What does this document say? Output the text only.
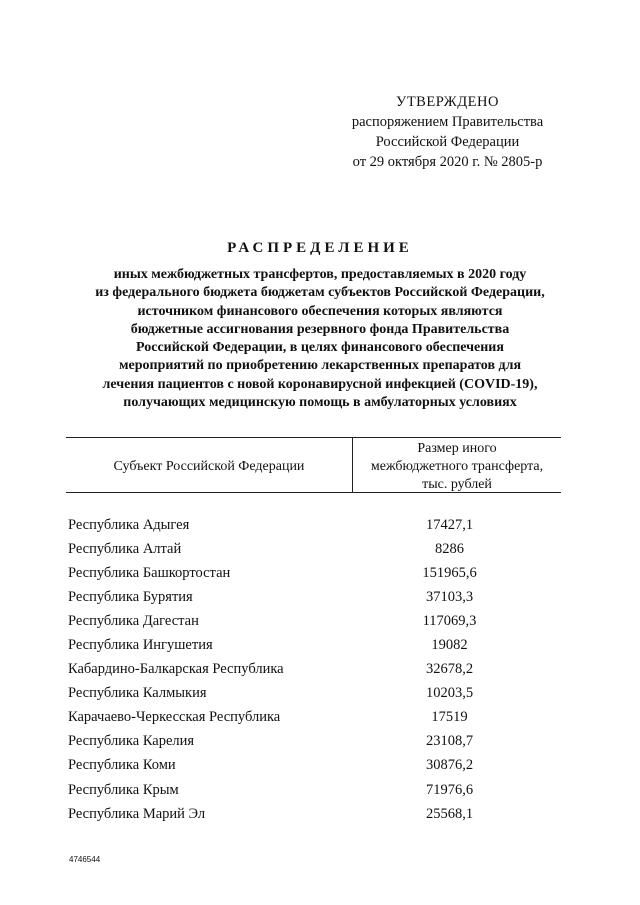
УТВЕРЖДЕНО
распоряжением Правительства
Российской Федерации
от 29 октября 2020 г. № 2805-р
РАСПРЕДЕЛЕНИЕ
иных межбюджетных трансфертов, предоставляемых в 2020 году
из федерального бюджета бюджетам субъектов Российской Федерации,
источником финансового обеспечения которых являются
бюджетные ассигнования резервного фонда Правительства
Российской Федерации, в целях финансового обеспечения
мероприятий по приобретению лекарственных препаратов для
лечения пациентов с новой коронавирусной инфекцией (COVID-19),
получающих медицинскую помощь в амбулаторных условиях
Субъект Российской Федерации
Размер иного
межбюджетного трансферта,
тыс. рублей
Республика Адыгея	17427,1
Республика Алтай	8286
Республика Башкортостан	151965,6
Республика Бурятия	37103,3
Республика Дагестан	117069,3
Республика Ингушетия	19082
Кабардино-Балкарская Республика	32678,2
Республика Калмыкия	10203,5
Карачаево-Черкесская Республика	17519
Республика Карелия	23108,7
Республика Коми	30876,2
Республика Крым	71976,6
Республика Марий Эл	25568,1
4746544
